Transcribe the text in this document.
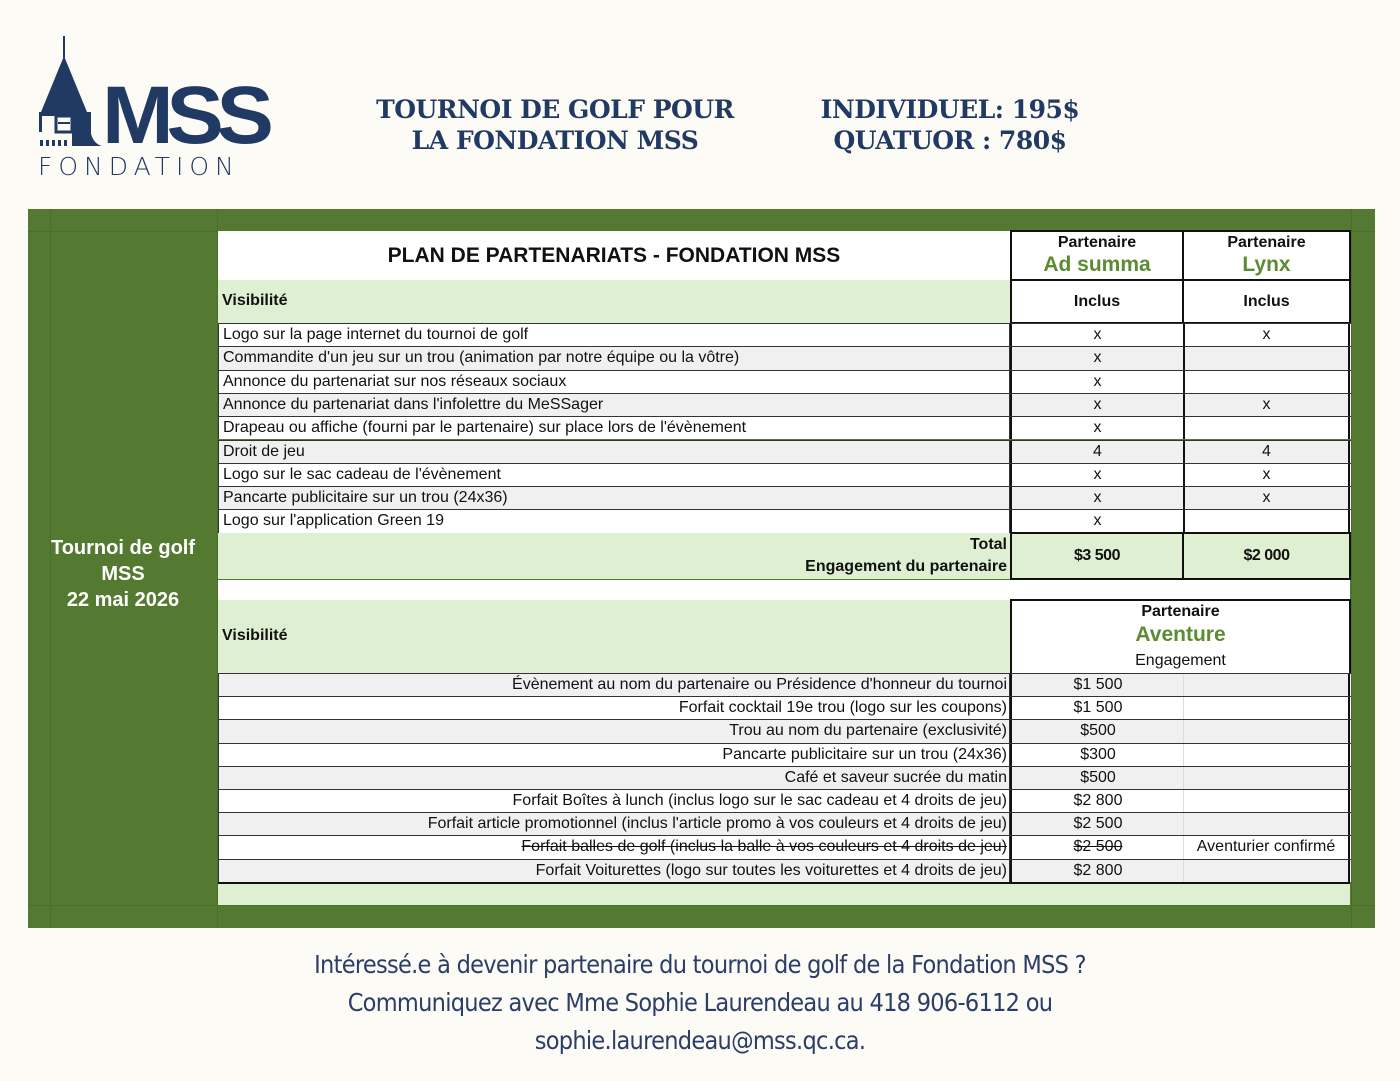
MSS
FONDATION
TOURNOI DE GOLF POUR
LA FONDATION MSS
INDIVIDUEL: 195$
QUATUOR : 780$
Tournoi de golf
MSS
22 mai 2026
PLAN DE PARTENARIATS - FONDATION MSS
Partenaire
Ad summa
Partenaire
Lynx
Visibilité	Inclus	Inclus
Logo sur la page internet du tournoi de golf	x	x
Commandite d'un jeu sur un trou (animation par notre équipe ou la vôtre)	x
Annonce du partenariat sur nos réseaux sociaux	x
Annonce du partenariat dans l'infolettre du MeSSager	x	x
Drapeau ou affiche (fourni par le partenaire) sur place lors de l'évènement	x
Droit de jeu	4	4
Logo sur le sac cadeau de l'évènement	x	x
Pancarte publicitaire sur un trou (24x36)	x	x
Logo sur l'application Green 19	x
Total
Engagement du partenaire
$3 500	$2 000
Visibilité
Partenaire
Aventure
Engagement
Évènement au nom du partenaire ou Présidence d'honneur du tournoi	$1 500
Forfait cocktail 19e trou (logo sur les coupons)	$1 500
Trou au nom du partenaire (exclusivité)	$500
Pancarte publicitaire sur un trou (24x36)	$300
Café et saveur sucrée du matin	$500
Forfait Boîtes à lunch (inclus logo sur le sac cadeau et 4 droits de jeu)	$2 800
Forfait article promotionnel (inclus l'article promo à vos couleurs et 4 droits de jeu)	$2 500
Forfait balles de golf (inclus la balle à vos couleurs et 4 droits de jeu)	$2 500	Aventurier confirmé
Forfait Voiturettes (logo sur toutes les voiturettes et 4 droits de jeu)	$2 800
Intéressé.e à devenir partenaire du tournoi de golf de la Fondation MSS ?
Communiquez avec Mme Sophie Laurendeau au 418 906-6112 ou
sophie.laurendeau@mss.qc.ca.
